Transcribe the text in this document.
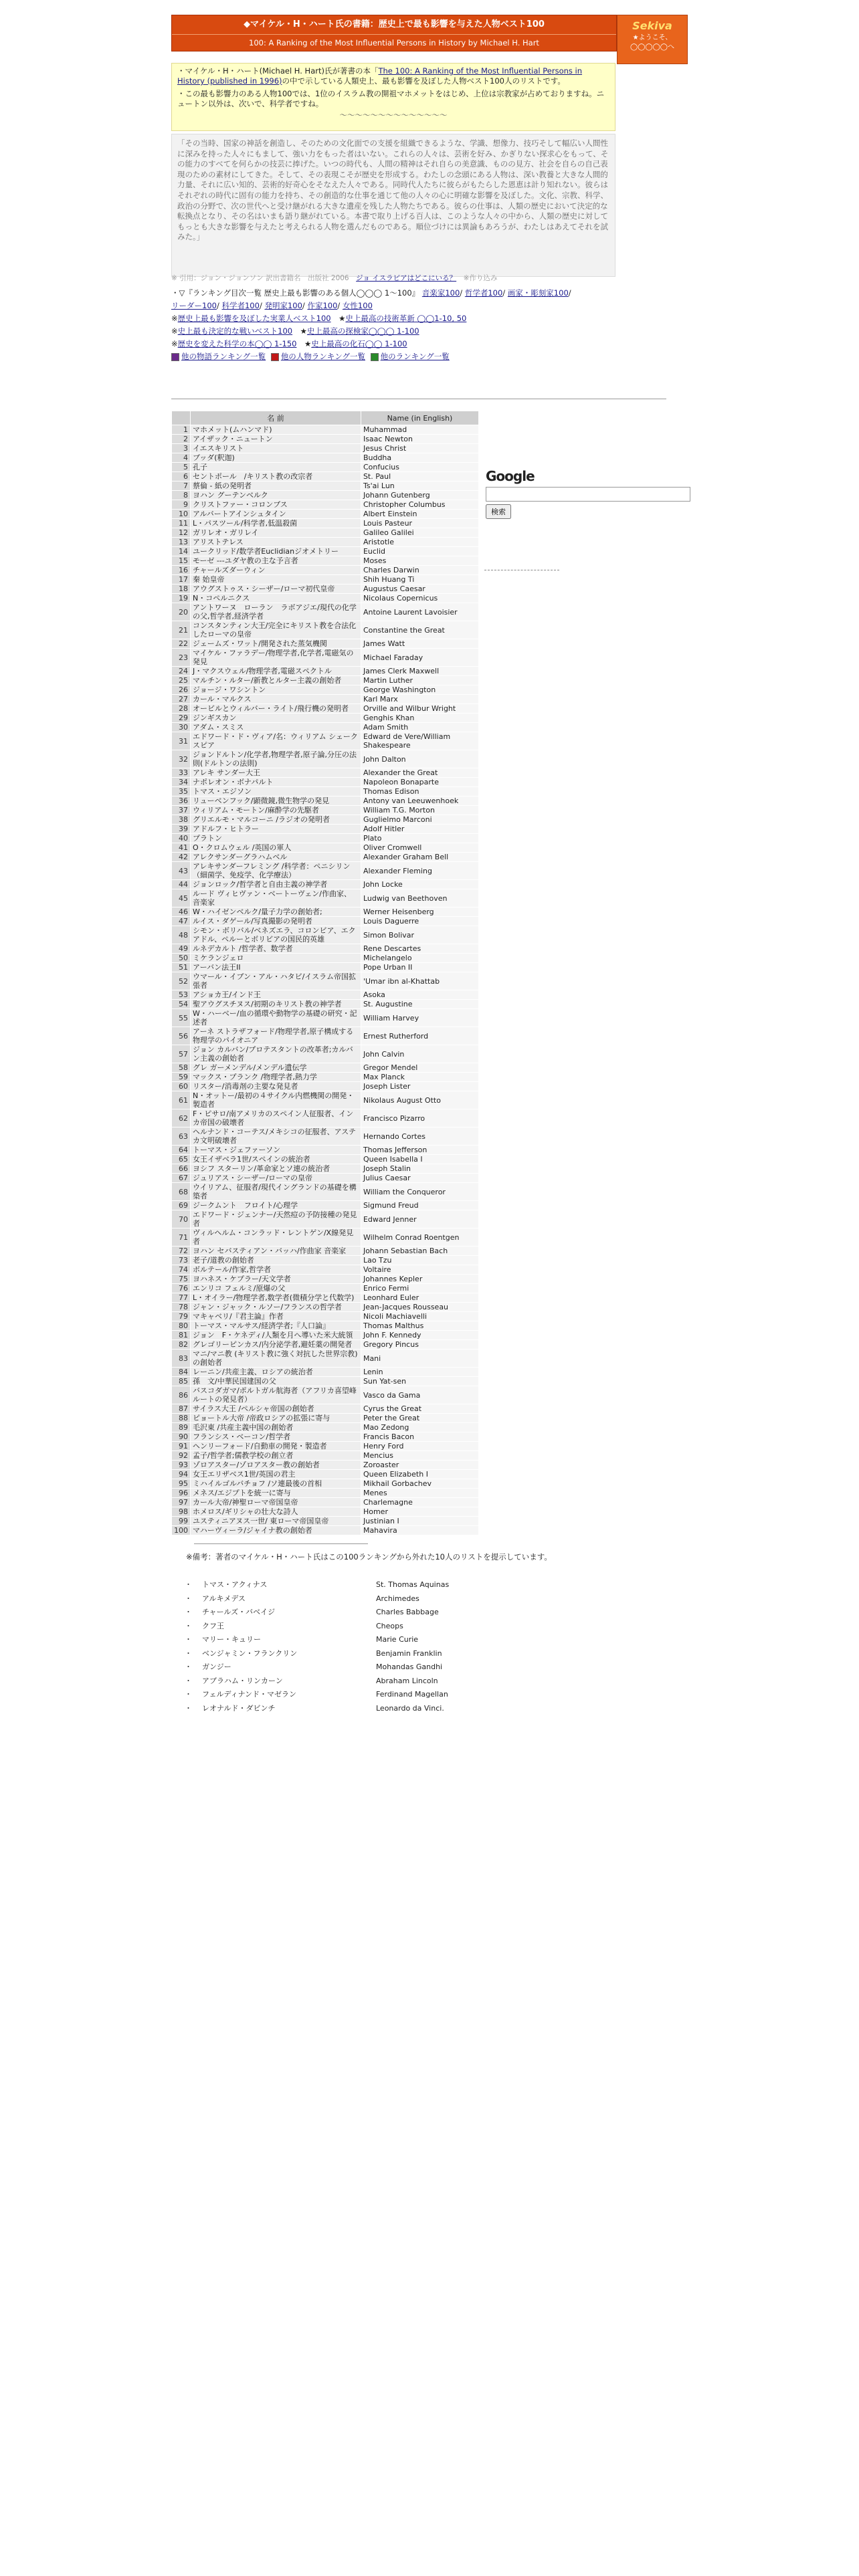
◆マイケル・H・ハート氏の書籍：歴史上で最も影響を与えた人物ベスト100
100: A Ranking of the Most Influential Persons in History by Michael H. Hart
Sekiva
★ようこそ、◯◯◯◯◯へ
・マイケル・H・ハート(Michael H. Hart)氏が著書の本「The 100: A Ranking of the Most Influential Persons in History (published in 1996)の中で示している人類史上、最も影響を及ぼした人物ベスト100人のリストです。
・この最も影響力のある人物100では、1位のイスラム教の開祖マホメットをはじめ、上位は宗教家が占めておりますね。ニュートン以外は、次いで、科学者ですね。
〜〜〜〜〜〜〜〜〜〜〜〜〜〜
「その当時、国家の神話を創造し、そのための文化面での支援を組織できるような、学識、想像力、技巧そして幅広い人間性に深みを持った人々にもまして、強い力をもった者はいない。これらの人々は、芸術を好み、かぎりない探求心をもって、その能力のすべてを何らかの技芸に捧げた。いつの時代も、人間の精神はそれ自らの美意識、ものの見方、社会を自らの自己表現のための素材にしてきた。そして、その表現こそが歴史を形成する。わたしの念頭にある人物は、深い教養と大きな人間的力量、それに広い知的、芸術的好奇心をそなえた人々である。同時代人たちに彼らがもたらした恩恵は計り知れない。彼らはそれぞれの時代に固有の能力を持ち、その創造的な仕事を通じて他の人々の心に明確な影響を及ぼした。文化、宗教、科学、政治の分野で、次の世代へと受け継がれる大きな遺産を残した人物たちである。彼らの仕事は、人類の歴史において決定的な転換点となり、その名はいまも語り継がれている。本書で取り上げる百人は、このような人々の中から、人類の歴史に対してもっとも大きな影響を与えたと考えられる人物を選んだものである。順位づけには異論もあろうが、わたしはあえてそれを試みた。」
※ 引用：ジョン・ジョンソン 訳出書籍名　出版社 2006　 ジョ イスラビアはどこにいる？　 ※作り込み
・▽『ランキング目次一覧 歴史上最も影響のある個人◯◯◯ 1〜100』 音楽家100/ 哲学者100/ 画家・彫刻家100/
リーダー100/ 科学者100/ 発明家100/ 作家100/ 女性100
※歴史上最も影響を及ぼした実業人ベスト100　★史上最高の技術革新 ◯◯1-10, 50
※史上最も決定的な戦いベスト100　★史上最高の探検家◯◯◯ 1-100
※歴史を変えた科学の本◯◯ 1-150　★史上最高の化石◯◯ 1-100
他の物語ランキング一覧 他の人物ランキング一覧 他のランキング一覧
	名 前	Name (in English)
1	マホメット(ムハンマド)	Muhammad
2	アイザック・ニュートン	Isaac Newton
3	イエスキリスト	Jesus Christ
4	ブッダ(釈迦)	Buddha
5	孔子	Confucius
6	セントポール　/キリスト教の改宗者	St. Paul
7	蔡倫 - 紙の発明者	Ts'ai Lun
8	ヨハン グーテンベルク	Johann Gutenberg
9	クリストファー・コロンブス	Christopher Columbus
10	アルバートアインシュタイン	Albert Einstein
11	L・パスツール/科学者,低温殺菌	Louis Pasteur
12	ガリレオ・ガリレイ	Galileo Galilei
13	アリストテレス	Aristotle
14	ユークリッド/数学者Euclidianジオメトリー	Euclid
15	モーゼ ---ユダヤ教の主な予言者	Moses
16	チャールズダーウィン	Charles Darwin
17	秦 始皇帝	Shih Huang Ti
18	アウグストゥス・シーザー/ローマ初代皇帝	Augustus Caesar
19	N・コペルニクス	Nicolaus Copernicus
20	アントワーヌ　ローラン　ラボアジエ/現代の化学の父,哲学者,経済学者	Antoine Laurent Lavoisier
21	コンスタンティン大王/完全にキリスト教を合法化したローマの皇帝	Constantine the Great
22	ジェームズ・ワット/開発された蒸気機関	James Watt
23	マイケル・ファラデー/物理学者,化学者,電磁気の発見	Michael Faraday
24	J・マクスウェル/物理学者,電磁スペクトル	James Clerk Maxwell
25	マルチン・ルター/新教とルター主義の創始者	Martin Luther
26	ジョージ・ワシントン	George Washington
27	カール・マルクス	Karl Marx
28	オービルとウィルバー・ライト/飛行機の発明者	Orville and Wilbur Wright
29	ジンギスカン	Genghis Khan
30	アダム・スミス	Adam Smith
31	エドワード・ド・ヴィア/名：ウィリアム シェークスピア	Edward de Vere/William Shakespeare
32	ジョンドルトン/化学者,物理学者,原子論,分圧の法則(ドルトンの法則)	John Dalton
33	アレキ サンダー大王	Alexander the Great
34	ナポレオン・ボナパルト	Napoleon Bonaparte
35	トマス・エジソン	Thomas Edison
36	リューベンフック/顕微鏡,微生物学の発見	Antony van Leeuwenhoek
37	ウィリアム・モートン/麻酔学の先駆者	William T.G. Morton
38	グリエルモ・マルコーニ /ラジオの発明者	Guglielmo Marconi
39	アドルフ・ヒトラー	Adolf Hitler
40	プラトン	Plato
41	O・クロムウェル /英国の軍人	Oliver Cromwell
42	アレクサンダーグラハムベル	Alexander Graham Bell
43	アレキサンダーフレミング /科学者：ペニシリン（細菌学、免疫学、化学療法）	Alexander Fleming
44	ジョンロック/哲学者と自由主義の神学者	John Locke
45	ルード ヴィヒヴァン・ベートーヴェン/作曲家、音楽家	Ludwig van Beethoven
46	W・ハイゼンベルク/量子力学の創始者;	Werner Heisenberg
47	ルイス・ダゲール/写真撮影の発明者	Louis Daguerre
48	シモン・ボリバル/ベネズエラ、コロンビア、エクアドル、ペルーとボリビアの国民的英雄	Simon Bolivar
49	ルネデカルト /哲学者、数学者	Rene Descartes
50	ミケランジェロ	Michelangelo
51	アーバン法王II	Pope Urban II
52	ウマール・イブン・アル・ハタビ/イスラム帝国拡張者	'Umar ibn al-Khattab
53	アショカ王/インド王	Asoka
54	聖アウグスチヌス/初期のキリスト教の神学者	St. Augustine
55	W・ハーベー/血の循環や動物学の基礎の研究・記述者	William Harvey
56	アーネ ストラザフォード/物理学者,原子構成する物理学のパイオニア	Ernest Rutherford
57	ジョン カルバン/プロテスタントの改革者;カルバン主義の創始者	John Calvin
58	グレ ガーメンデル/メンデル遺伝学	Gregor Mendel
59	マックス・プランク /物理学者,熱力学	Max Planck
60	リスター/消毒剤の主要な発見者	Joseph Lister
61	N・オットー/最初の４サイクル内燃機関の開発・製造者	Nikolaus August Otto
62	F・ピサロ/南アメリカのスペイン人征服者、インカ帝国の破壊者	Francisco Pizarro
63	ヘルナンド・コーテス/メキシコの征服者、アステカ文明破壊者	Hernando Cortes
64	トーマス・ジェファーソン	Thomas Jefferson
65	女王イザベラ1世/スペインの統治者	Queen Isabella I
66	ヨシフ スターリン/革命家とソ連の統治者	Joseph Stalin
67	ジュリアス・シーザー/ローマの皇帝	Julius Caesar
68	ウイリアム、征服者/現代イングランドの基礎を構築者	William the Conqueror
69	ジークムント　フロイト/心理学	Sigmund Freud
70	エドワード・ジェンナー/天然痘の予防接種の発見者	Edward Jenner
71	ヴィルヘルム・コンラッド・レントゲン/X線発見者	Wilhelm Conrad Roentgen
72	ヨハン セバスティアン・バッハ/作曲家 音楽家	Johann Sebastian Bach
73	老子/道教の創始者	Lao Tzu
74	ボルテール/作家,哲学者	Voltaire
75	ヨハネス・ケプラー/天文学者	Johannes Kepler
76	エンリコ フェルミ/原爆の父	Enrico Fermi
77	L・オイラー/物理学者,数学者(微積分学と代数学)	Leonhard Euler
78	ジャン・ジャック・ルソー/フランスの哲学者	Jean-Jacques Rousseau
79	マキャベリ/『君主論』作者	Nicoli Machiavelli
80	トーマス・マルサス/経済学者;『人口論』	Thomas Malthus
81	ジョン　F・ケネディ/人類を月へ導いた米大統領	John F. Kennedy
82	グレゴリーピンカス/内分泌学者,避妊薬の開発者	Gregory Pincus
83	マニ/マニ教 (キリスト教に強く対抗した世界宗教) の創始者	Mani
84	レーニン/共産主義、ロシアの統治者	Lenin
85	孫　文/中華民国建国の父	Sun Yat-sen
86	バスコダガマ/ポルトガル航海者（アフリカ喜望峰ルートの発見者）	Vasco da Gama
87	サイラス大王 /ペルシャ帝国の創始者	Cyrus the Great
88	ピョートル大帝 /帝政ロシアの拡張に寄与	Peter the Great
89	毛沢東 /共産主義中国の創始者	Mao Zedong
90	フランシス・ベーコン/哲学者	Francis Bacon
91	ヘンリーフォード/自動車の開発・製造者	Henry Ford
92	孟子/哲学者;儒教学校の創立者	Mencius
93	ゾロアスター/ゾロアスター教の創始者	Zoroaster
94	女王エリザベス1世/英国の君主	Queen Elizabeth I
95	ミハイルゴルバチョフ /ソ連最後の首相	Mikhail Gorbachev
96	メネス/エジプトを統一に寄与	Menes
97	カール大帝/神聖ローマ帝国皇帝	Charlemagne
98	ホメロス/ギリシャの壮大な詩人	Homer
99	ユスティニアヌス一世/ 東ローマ帝国皇帝	Justinian I
100	マハーヴィーラ/ジャイナ教の創始者	Mahavira
Google
検索
※備考：著者のマイケル・H・ハート氏はこの100ランキングから外れた10人のリストを提示しています。
・ トマス・アクィナス	St. Thomas Aquinas
・ アルキメデス	Archimedes
・ チャールズ・バベイジ	Charles Babbage
・ クフ王	Cheops
・ マリー・キュリー	Marie Curie
・ ベンジャミン・フランクリン	Benjamin Franklin
・ ガンジー	Mohandas Gandhi
・ アブラハム・リンカーン	Abraham Lincoln
・ フェルディナンド・マゼラン	Ferdinand Magellan
・ レオナルド・ダビンチ	Leonardo da Vinci.
